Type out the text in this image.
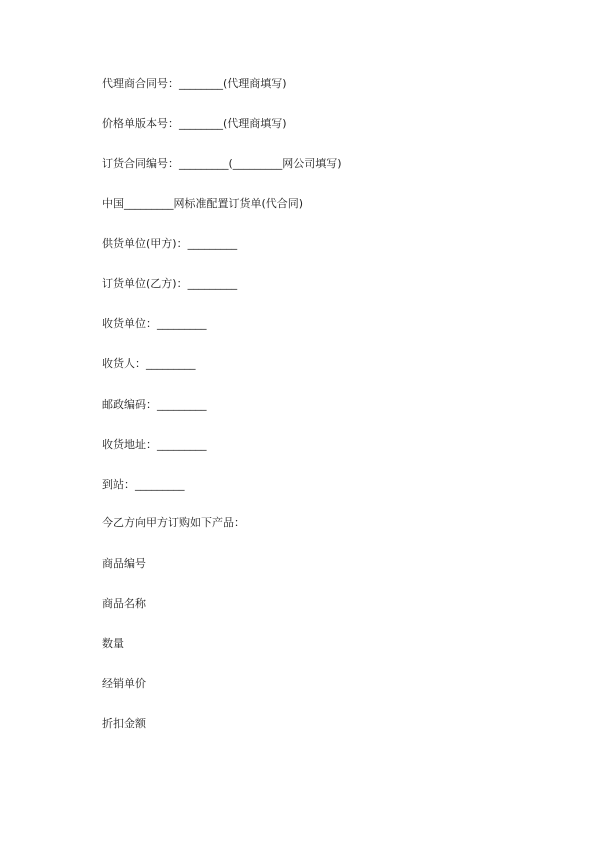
代理商合同号：________(代理商填写)
价格单版本号：________(代理商填写)
订货合同编号：_________(_________网公司填写)
中国_________网标准配置订货单(代合同)
供货单位(甲方)：_________
订货单位(乙方)：_________
收货单位：_________
收货人：_________
邮政编码：_________
收货地址：_________
到站：_________
今乙方向甲方订购如下产品：
商品编号
商品名称
数量
经销单价
折扣金额
